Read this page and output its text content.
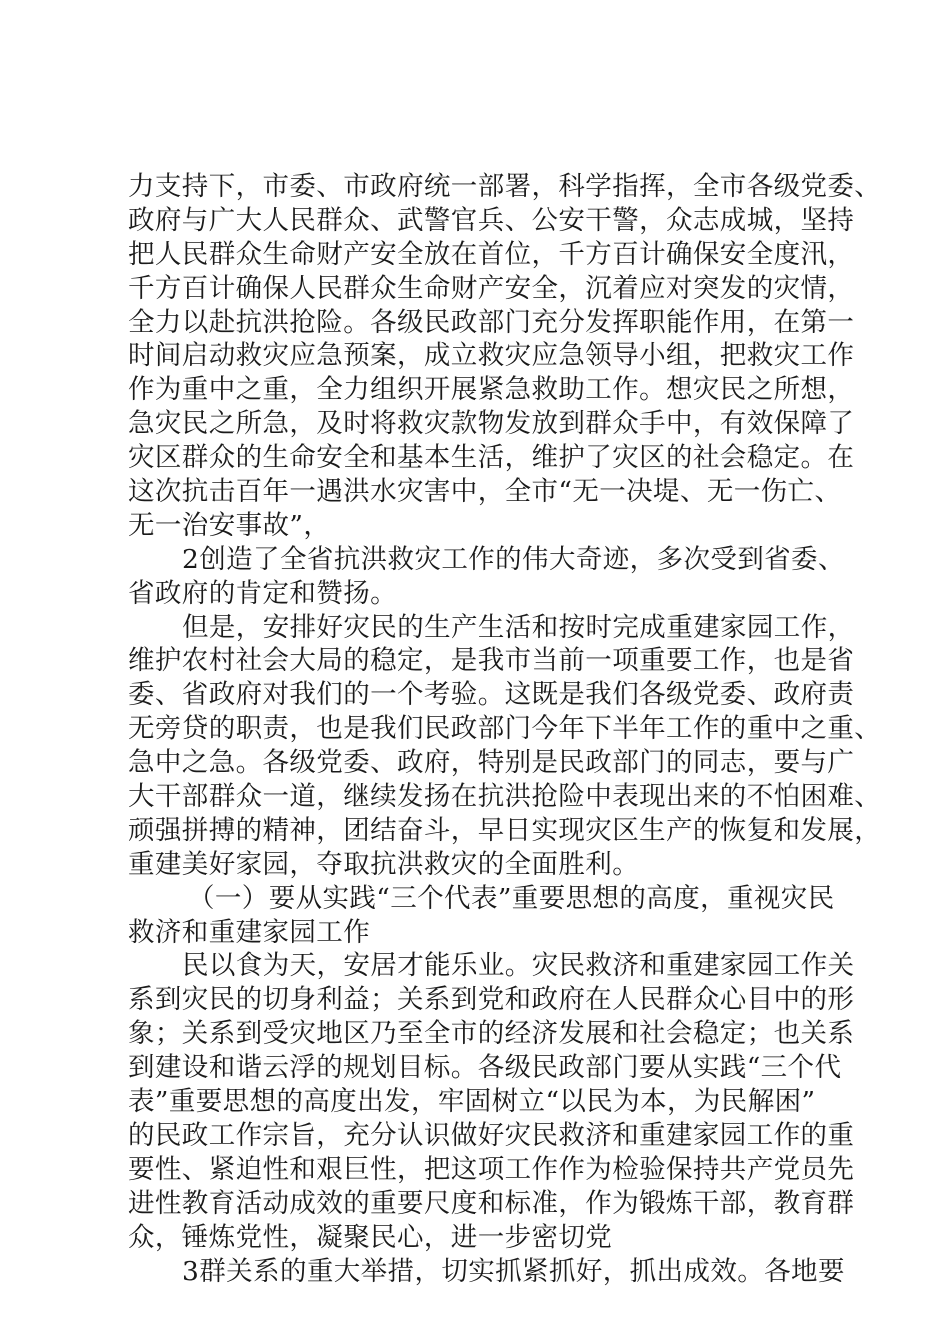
力支持下，市委、市政府统一部署，科学指挥，全市各级党委、
政府与广大人民群众、武警官兵、公安干警，众志成城，坚持
把人民群众生命财产安全放在首位，千方百计确保安全度汛，
千方百计确保人民群众生命财产安全，沉着应对突发的灾情，
全力以赴抗洪抢险。各级民政部门充分发挥职能作用，在第一
时间启动救灾应急预案，成立救灾应急领导小组，把救灾工作
作为重中之重，全力组织开展紧急救助工作。想灾民之所想，
急灾民之所急，及时将救灾款物发放到群众手中，有效保障了
灾区群众的生命安全和基本生活，维护了灾区的社会稳定。在
这次抗击百年一遇洪水灾害中，全市“无一决堤、无一伤亡、
无一治安事故”，
2创造了全省抗洪救灾工作的伟大奇迹，多次受到省委、
省政府的肯定和赞扬。
但是，安排好灾民的生产生活和按时完成重建家园工作，
维护农村社会大局的稳定，是我市当前一项重要工作，也是省
委、省政府对我们的一个考验。这既是我们各级党委、政府责
无旁贷的职责，也是我们民政部门今年下半年工作的重中之重、
急中之急。各级党委、政府，特别是民政部门的同志，要与广
大干部群众一道，继续发扬在抗洪抢险中表现出来的不怕困难、
顽强拼搏的精神，团结奋斗，早日实现灾区生产的恢复和发展，
重建美好家园，夺取抗洪救灾的全面胜利。
（一）要从实践“三个代表”重要思想的高度，重视灾民
救济和重建家园工作
民以食为天，安居才能乐业。灾民救济和重建家园工作关
系到灾民的切身利益；关系到党和政府在人民群众心目中的形
象；关系到受灾地区乃至全市的经济发展和社会稳定；也关系
到建设和谐云浮的规划目标。各级民政部门要从实践“三个代
表”重要思想的高度出发，牢固树立“以民为本，为民解困”
的民政工作宗旨，充分认识做好灾民救济和重建家园工作的重
要性、紧迫性和艰巨性，把这项工作作为检验保持共产党员先
进性教育活动成效的重要尺度和标准，作为锻炼干部，教育群
众，锤炼党性，凝聚民心，进一步密切党
3群关系的重大举措，切实抓紧抓好，抓出成效。各地要
